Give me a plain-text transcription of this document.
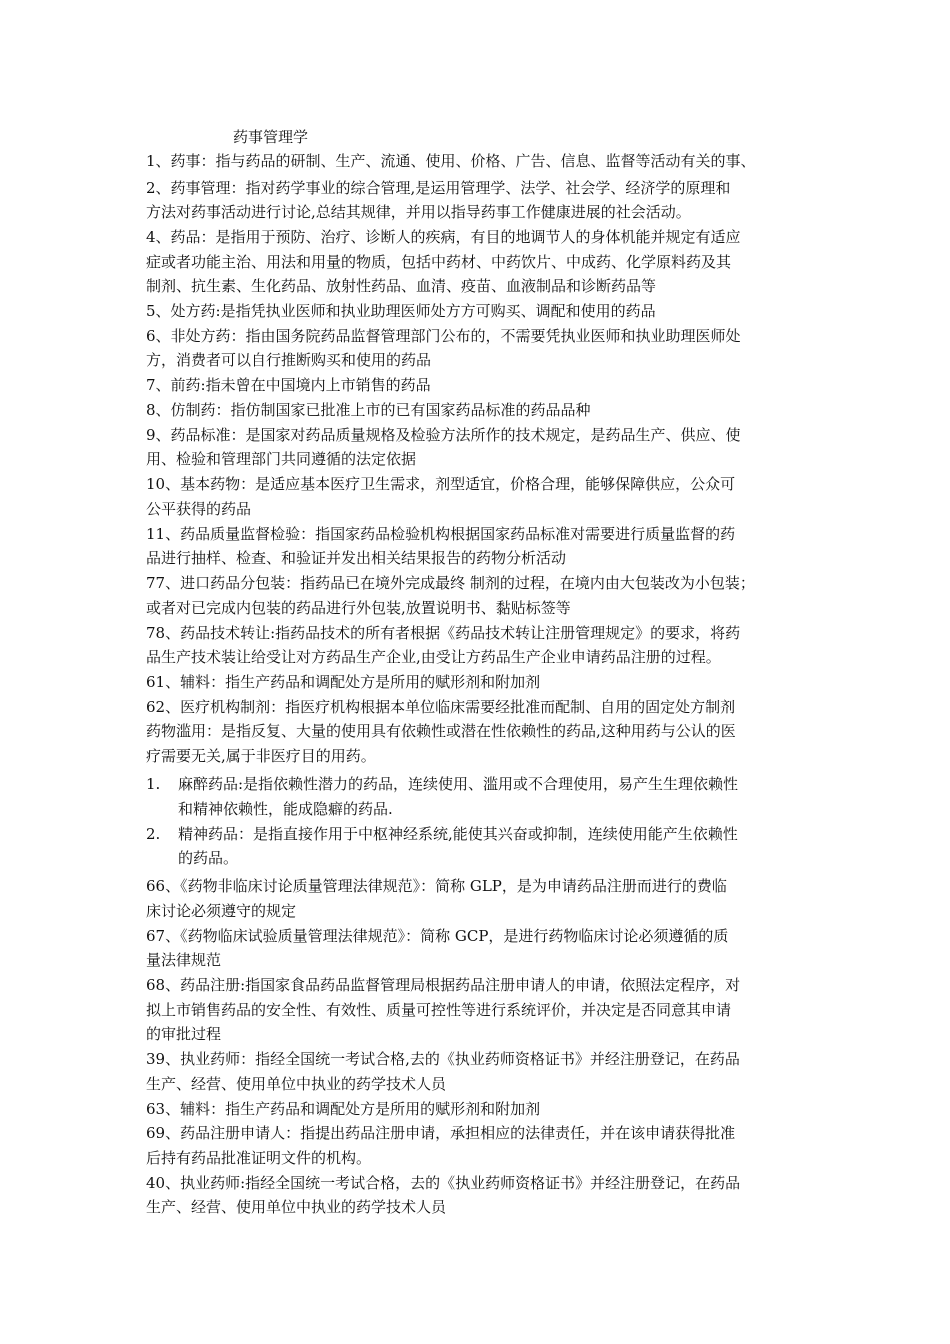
药事管理学
1、药事：指与药品的研制、生产、流通、使用、价格、广告、信息、监督等活动有关的事、
2、药事管理：指对药学事业的综合管理,是运用管理学、法学、社会学、经济学的原理和
方法对药事活动进行讨论,总结其规律，并用以指导药事工作健康进展的社会活动。
4、药品：是指用于预防、治疗、诊断人的疾病，有目的地调节人的身体机能并规定有适应
症或者功能主治、用法和用量的物质，包括中药材、中药饮片、中成药、化学原料药及其
制剂、抗生素、生化药品、放射性药品、血清、疫苗、血液制品和诊断药品等
5、处方药:是指凭执业医师和执业助理医师处方方可购买、调配和使用的药品
6、非处方药：指由国务院药品监督管理部门公布的，不需要凭执业医师和执业助理医师处
方，消费者可以自行推断购买和使用的药品
7、前药:指未曾在中国境内上市销售的药品
8、仿制药：指仿制国家已批准上市的已有国家药品标准的药品品种
9、药品标准：是国家对药品质量规格及检验方法所作的技术规定，是药品生产、供应、使
用、检验和管理部门共同遵循的法定依据
10、基本药物：是适应基本医疗卫生需求，剂型适宜，价格合理，能够保障供应，公众可
公平获得的药品
11、药品质量监督检验：指国家药品检验机构根据国家药品标准对需要进行质量监督的药
品进行抽样、检查、和验证并发出相关结果报告的药物分析活动
77、进口药品分包装：指药品已在境外完成最终 制剂的过程，在境内由大包装改为小包装；
或者对已完成内包装的药品进行外包装,放置说明书、黏贴标签等
78、药品技术转让:指药品技术的所有者根据《药品技术转让注册管理规定》的要求，将药
品生产技术装让给受让对方药品生产企业,由受让方药品生产企业申请药品注册的过程。
61、辅料：指生产药品和调配处方是所用的赋形剂和附加剂
62、医疗机构制剂：指医疗机构根据本单位临床需要经批准而配制、自用的固定处方制剂
药物滥用：是指反复、大量的使用具有依赖性或潜在性依赖性的药品,这种用药与公认的医
疗需要无关,属于非医疗目的用药。
1. 麻醉药品:是指依赖性潜力的药品，连续使用、滥用或不合理使用，易产生生理依赖性
和精神依赖性，能成隐癖的药品.
2. 精神药品：是指直接作用于中枢神经系统,能使其兴奋或抑制，连续使用能产生依赖性
的药品。
66、《药物非临床讨论质量管理法律规范》：简称 GLP，是为申请药品注册而进行的费临
床讨论必须遵守的规定
67、《药物临床试验质量管理法律规范》：简称 GCP，是进行药物临床讨论必须遵循的质
量法律规范
68、药品注册:指国家食品药品监督管理局根据药品注册申请人的申请，依照法定程序，对
拟上市销售药品的安全性、有效性、质量可控性等进行系统评价，并决定是否同意其申请
的审批过程
39、执业药师：指经全国统一考试合格,去的《执业药师资格证书》并经注册登记，在药品
生产、经营、使用单位中执业的药学技术人员
63、辅料：指生产药品和调配处方是所用的赋形剂和附加剂
69、药品注册申请人：指提出药品注册申请，承担相应的法律责任，并在该申请获得批准
后持有药品批准证明文件的机构。
40、执业药师:指经全国统一考试合格，去的《执业药师资格证书》并经注册登记，在药品
生产、经营、使用单位中执业的药学技术人员
